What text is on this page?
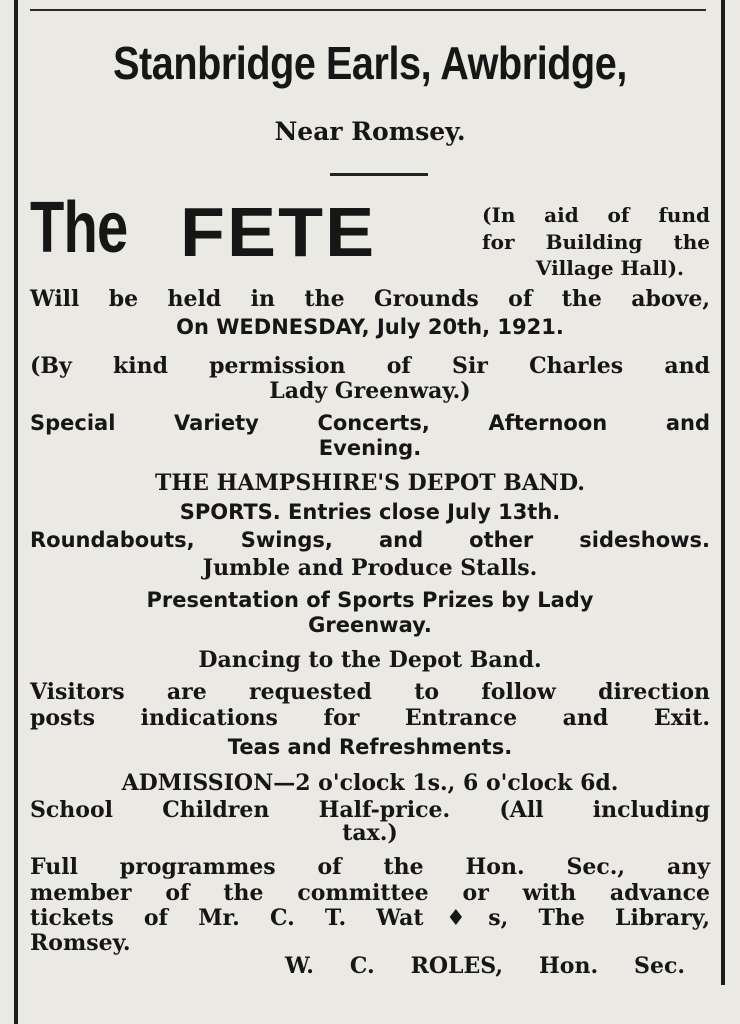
Stanbridge Earls, Awbridge,

Near Romsey.

The FETE	(In aid of fund

for Building the

Village Hall).

Will be held in the Grounds of the above,

On WEDNESDAY, July 20th, 1921.

(By kind permission of Sir Charles and

Lady Greenway.)

Special Variety Concerts, Afternoon and

Evening.

THE HAMPSHIRE'S DEPOT BAND.

SPORTS. Entries close July 13th.

Roundabouts, Swings, and other sideshows.

Jumble and Produce Stalls.

Presentation of Sports Prizes by Lady

Greenway.

Dancing to the Depot Band.

Visitors are requested to follow direction

posts indications for Entrance and Exit.

Teas and Refreshments.

ADMISSION—2 o'clock 1s., 6 o'clock 6d.

School Children Half-price. (All including

tax.)

Full programmes of the Hon. Sec., any

member of the committee or with advance

tickets of Mr. C. T. Wat♦s, The Library,

Romsey.

W. C. ROLES, Hon. Sec.
